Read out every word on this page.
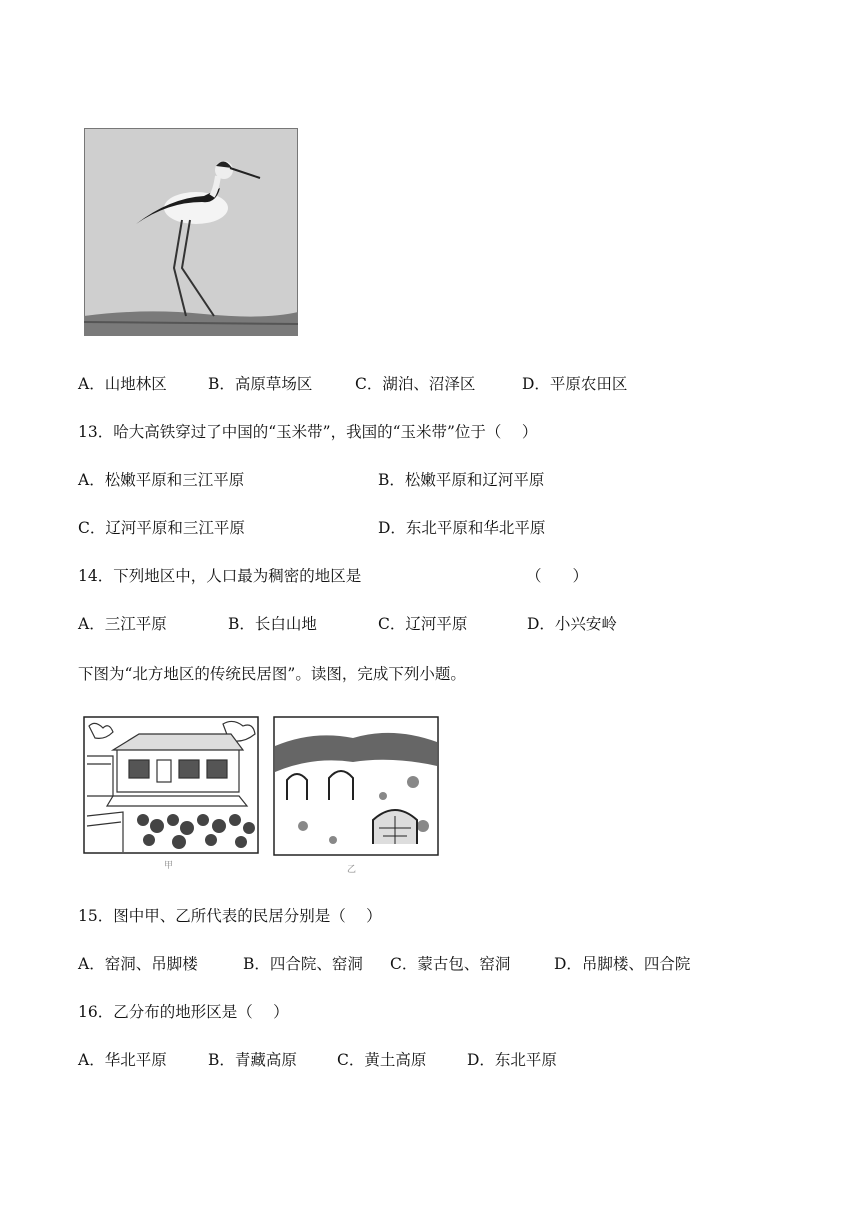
A．山地林区	B．高原草场区	C．湖泊、沼泽区	D．平原农田区
13．哈大高铁穿过了中国的“玉米带”，我国的“玉米带”位于（　 ）
A．松嫩平原和三江平原	B．松嫩平原和辽河平原
C．辽河平原和三江平原	D．东北平原和华北平原
14．下列地区中，人口最为稠密的地区是	（　　）
A．三江平原	B．长白山地	C．辽河平原	D．小兴安岭
下图为“北方地区的传统民居图”。读图，完成下列小题。
甲	乙
15．图中甲、乙所代表的民居分别是（　 ）
A．窑洞、吊脚楼	B．四合院、窑洞 C．蒙古包、窑洞	D．吊脚楼、四合院
16．乙分布的地形区是（　 ）
A．华北平原	B．青藏高原	C．黄土高原	D．东北平原
